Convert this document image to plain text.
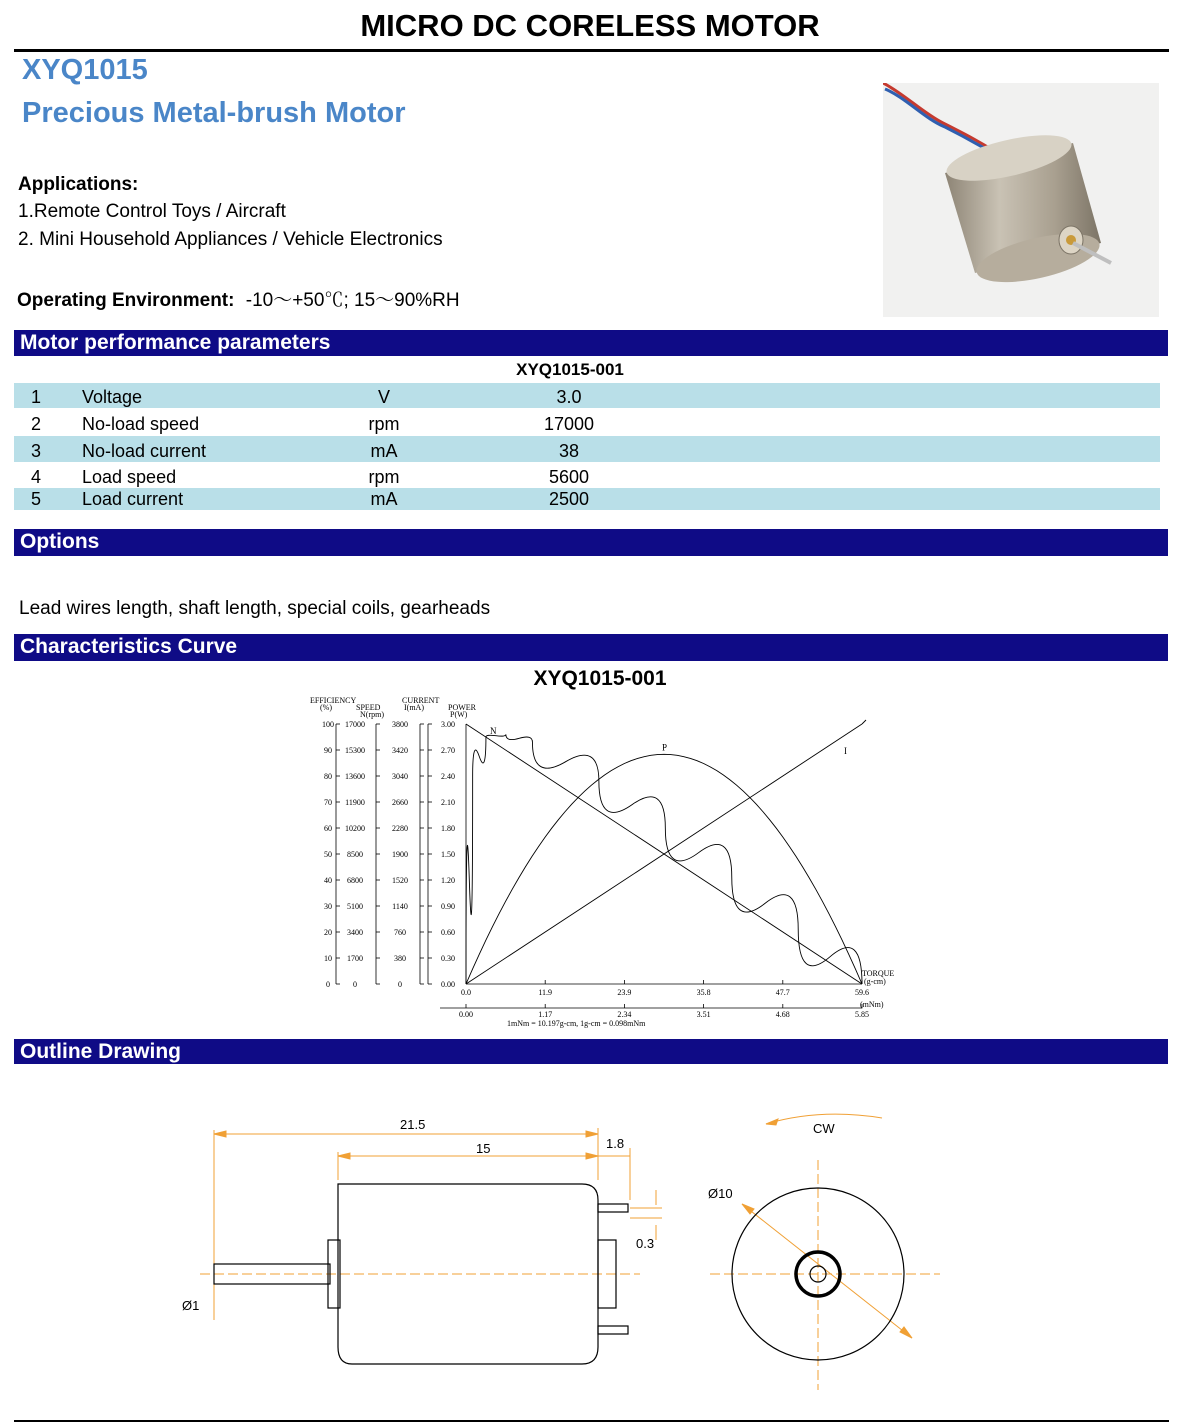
MICRO DC CORELESS MOTOR
XYQ1015
Precious Metal-brush Motor
Applications:
1.Remote Control Toys / Aircraft
2. Mini Household Appliances / Vehicle Electronics
Operating Environment: -10～+50℃; 15～90%RH
Motor performance parameters
XYQ1015-001
1	Voltage	V	3.0
2	No-load speed	rpm	17000
3	No-load current	mA	38
4	Load speed	rpm	5600
5	Load current	mA	2500
Options
Lead wires length, shaft length, special coils, gearheads
Characteristics Curve
XYQ1015-001
EFFICIENCY
(%)	SPEED
N(rpm)
CURRENT
I(mA)	POWER
P(W)
TORQUE
(g-cm)
(mNm)
1mNm = 10.197g-cm, 1g-cm = 0.098mNm
100
90
80
70
60
50
40
30
20
10
0
17000
15300
13600
11900
10200
8500
6800
5100
3400
1700
0
3800
3420
3040
2660
2280
1900
1520
1140
760
380
0
3.00
2.70
2.40
2.10
1.80
1.50
1.20
0.90
0.60
0.30
0.00
0.0	11.9	23.9	35.8	47.7	59.6
0.00	1.17	2.34	3.51	4.68	5.85
N
I
P
Outline Drawing
21.5
15	1.8
0.3
Ø1
Ø10
CW
